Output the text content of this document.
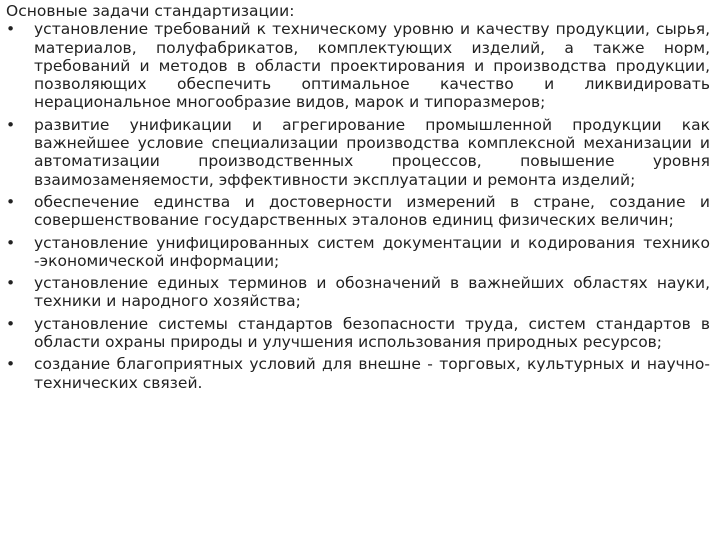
Основные задачи стандартизации:

•	установление требований к техническому уровню и качеству продукции, сырья, материалов, полуфабрикатов, комплектующих изделий, а также норм, требований и методов в области проектирования и производства продукции, позволяющих обеспечить оптимальное качество и ликвидировать нерациональное многообразие видов, марок и типоразмеров;
•	развитие унификации и агрегирование промышленной продукции как важнейшее условие специализации производства комплексной механизации и автоматизации производственных процессов, повышение уровня взаимозаменяемости, эффективности эксплуатации и ремонта изделий;
•	обеспечение единства и достоверности измерений в стране, создание и совершенствование государственных эталонов единиц физических величин;
•	установление унифицированных систем документации и кодирования технико -экономической информации;
•	установление единых терминов и обозначений в важнейших областях науки, техники и народного хозяйства;
•	установление системы стандартов безопасности труда, систем стандартов в области охраны природы и улучшения использования природных ресурсов;
•	создание благоприятных условий для внешне - торговых, культурных и научно-технических связей.
